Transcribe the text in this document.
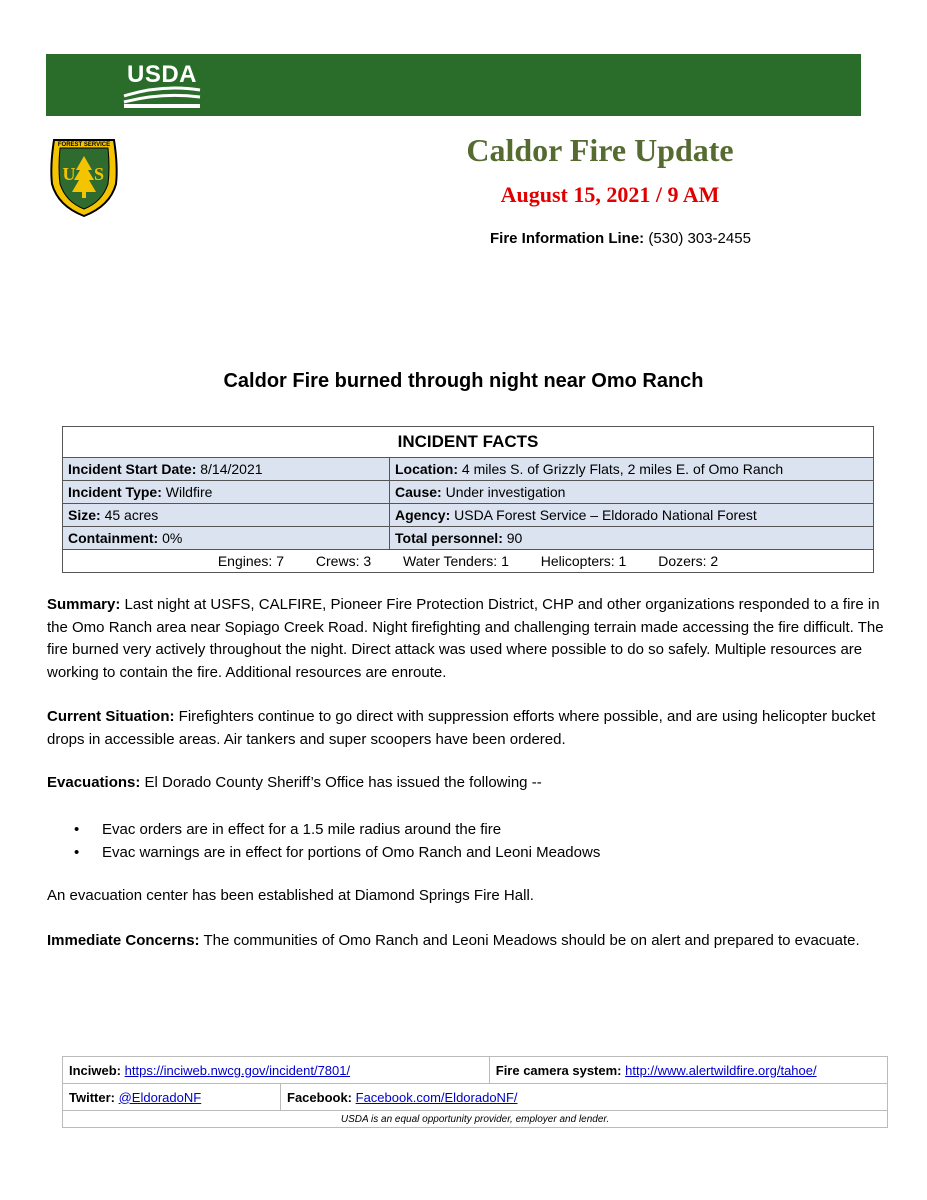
USDA
FOREST SERVICE
U S
Caldor Fire Update
August 15, 2021 / 9 AM
Fire Information Line: (530) 303-2455
Caldor Fire burned through night near Omo Ranch
INCIDENT FACTS	
Incident Start Date: 8/14/2021	Location: 4 miles S. of Grizzly Flats, 2 miles E. of Omo Ranch
Incident Type: Wildfire	Cause: Under investigation
Size: 45 acres	Agency: USDA Forest Service – Eldorado National Forest
Containment: 0%	Total personnel: 90
Engines: 7 Crews: 3 Water Tenders: 1 Helicopters: 1 Dozers: 2	
Summary: Last night at USFS, CALFIRE, Pioneer Fire Protection District, CHP and other organizations responded to a fire in the Omo Ranch area near Sopiago Creek Road. Night firefighting and challenging terrain made accessing the fire difficult. The fire burned very actively throughout the night. Direct attack was used where possible to do so safely. Multiple resources are working to contain the fire. Additional resources are enroute.
Current Situation: Firefighters continue to go direct with suppression efforts where possible, and are using helicopter bucket drops in accessible areas. Air tankers and super scoopers have been ordered.
Evacuations: El Dorado County Sheriff’s Office has issued the following --
• Evac orders are in effect for a 1.5 mile radius around the fire
• Evac warnings are in effect for portions of Omo Ranch and Leoni Meadows
An evacuation center has been established at Diamond Springs Fire Hall.
Immediate Concerns: The communities of Omo Ranch and Leoni Meadows should be on alert and prepared to evacuate.
Inciweb: https://inciweb.nwcg.gov/incident/7801/		Fire camera system: http://www.alertwildfire.org/tahoe/
Twitter: @EldoradoNF	Facebook: Facebook.com/EldoradoNF/	
USDA is an equal opportunity provider, employer and lender.		
